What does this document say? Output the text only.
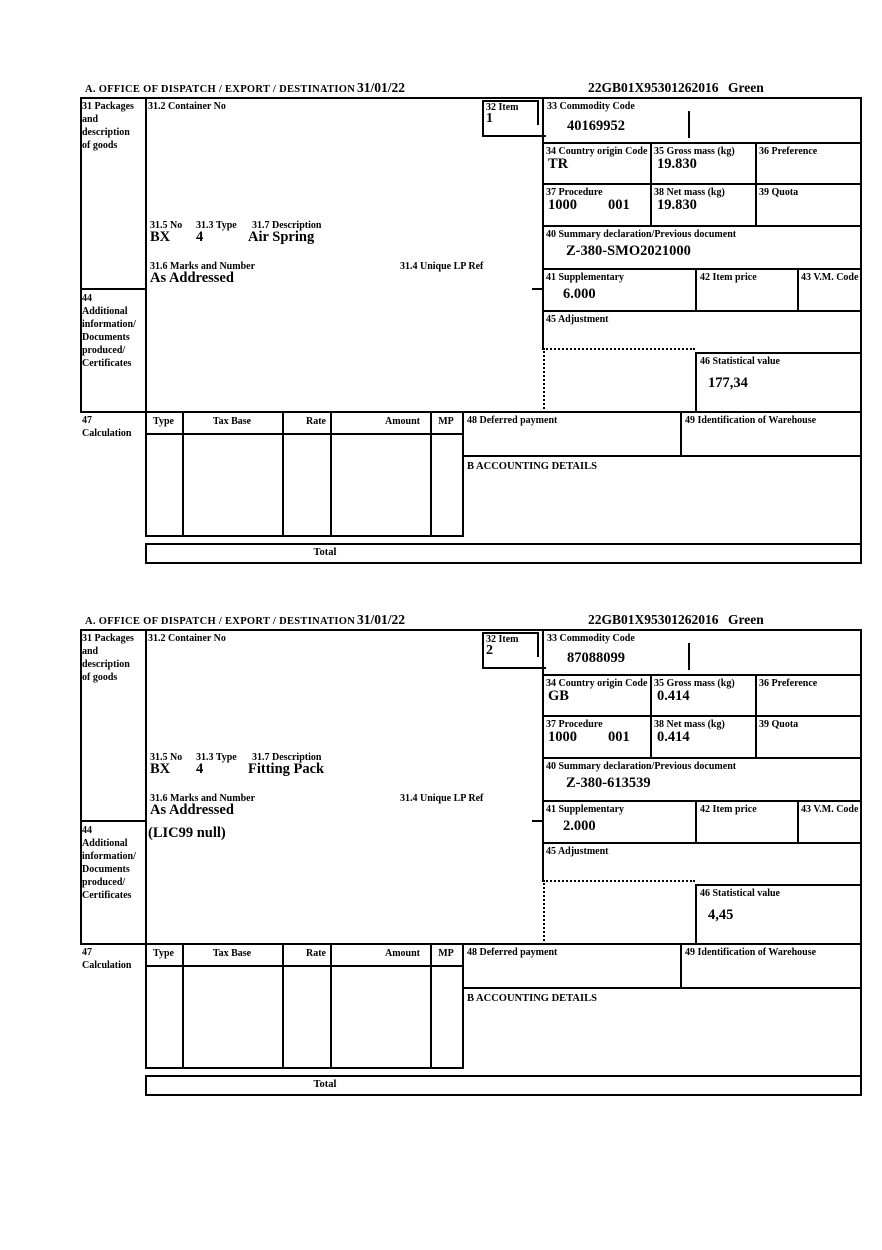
A. OFFICE OF DISPATCH / EXPORT / DESTINATION 31/01/22	22GB01X95301262016 Green
31 Packages
and
description
of goods
31.2 Container No	32 Item
1
33 Commodity Code
40169952
34 Country origin Code
TR
35 Gross mass (kg)
19.830
36 Preference
37 Procedure
1000 001
38 Net mass (kg)
19.830
39 Quota
40 Summary declaration/Previous document
Z-380-SMO2021000
41 Supplementary
6.000
42 Item price	43 V.M. Code
45 Adjustment
46 Statistical value
177,34
31.5 No 31.3 Type 31.7 Description
BX 4	Air Spring
31.6 Marks and Number	31.4 Unique LP Ref
As Addressed
44
Additional
information/
Documents
produced/
Certificates
47
Calculation
Type	Tax Base	Rate	Amount	MP	48 Deferred payment	49 Identification of Warehouse
B ACCOUNTING DETAILS
Total
A. OFFICE OF DISPATCH / EXPORT / DESTINATION 31/01/22	22GB01X95301262016 Green
31 Packages
and
description
of goods
31.2 Container No	32 Item
2
33 Commodity Code
87088099
34 Country origin Code
GB
35 Gross mass (kg)
0.414
36 Preference
37 Procedure
1000 001
38 Net mass (kg)
0.414
39 Quota
40 Summary declaration/Previous document
Z-380-613539
41 Supplementary
2.000
42 Item price	43 V.M. Code
45 Adjustment
46 Statistical value
4,45
31.5 No 31.3 Type 31.7 Description
BX 4	Fitting Pack
31.6 Marks and Number	31.4 Unique LP Ref
As Addressed
44
Additional
information/
Documents
produced/
Certificates
(LIC99 null)
47
Calculation
Type	Tax Base	Rate	Amount	MP	48 Deferred payment	49 Identification of Warehouse
B ACCOUNTING DETAILS
Total
